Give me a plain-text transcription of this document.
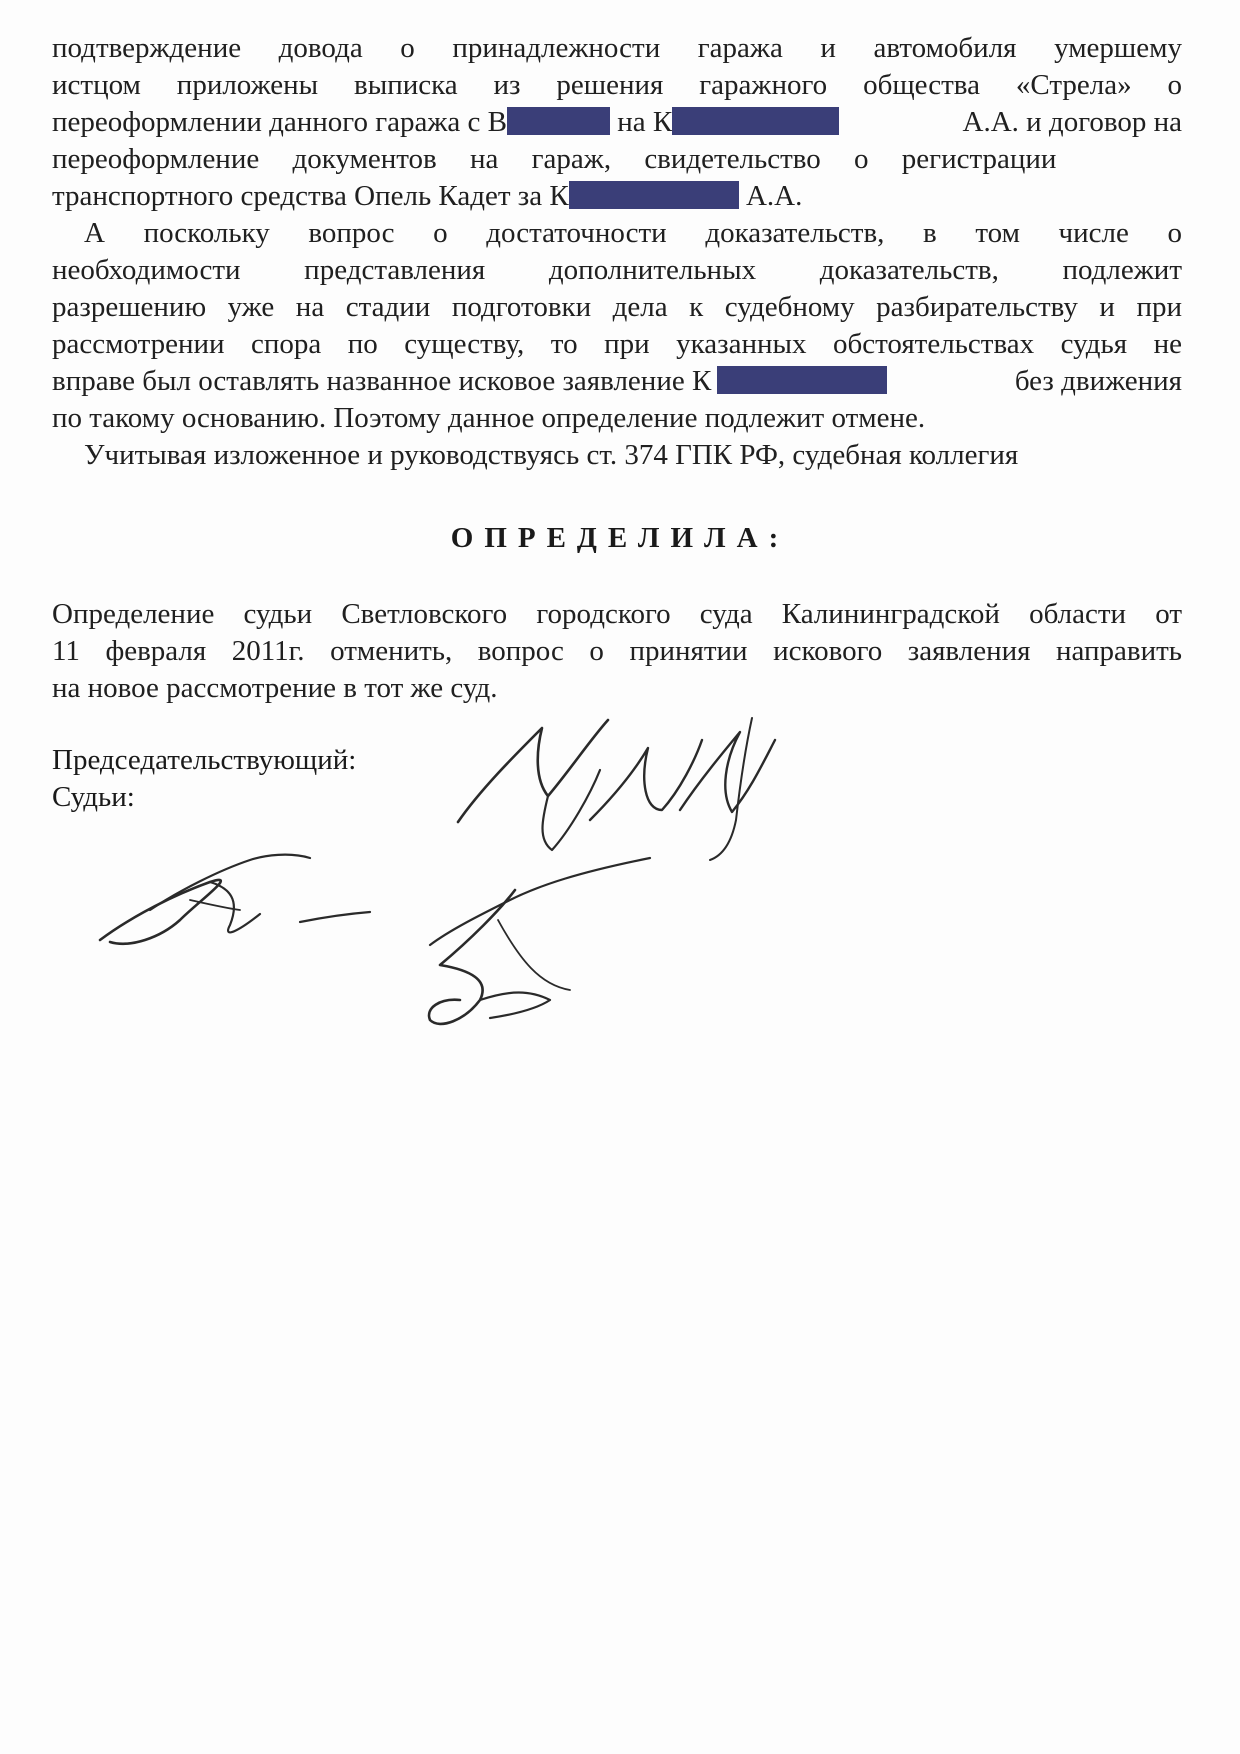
подтверждение довода о принадлежности гаража и автомобиля умершему
истцом приложены выписка из решения гаражного общества «Стрела» о
переоформлении данного гаража с В	на К	А.А. и договор на
переоформление документов на гараж, свидетельство о регистрации
транспортного средства Опель Кадет за К	А.А.
А поскольку вопрос о достаточности доказательств, в том числе о
необходимости представления дополнительных доказательств, подлежит
разрешению уже на стадии подготовки дела к судебному разбирательству и при
рассмотрении спора по существу, то при указанных обстоятельствах судья не
вправе был оставлять названное исковое заявление К	без движения
по такому основанию. Поэтому данное определение подлежит отмене.
Учитывая изложенное и руководствуясь ст. 374 ГПК РФ, судебная коллегия
ОПРЕДЕЛИЛА:
Определение судьи Светловского городского суда Калининградской области от
11 февраля 2011г. отменить, вопрос о принятии искового заявления направить
на новое рассмотрение в тот же суд.
Председательствующий:
Судьи:
